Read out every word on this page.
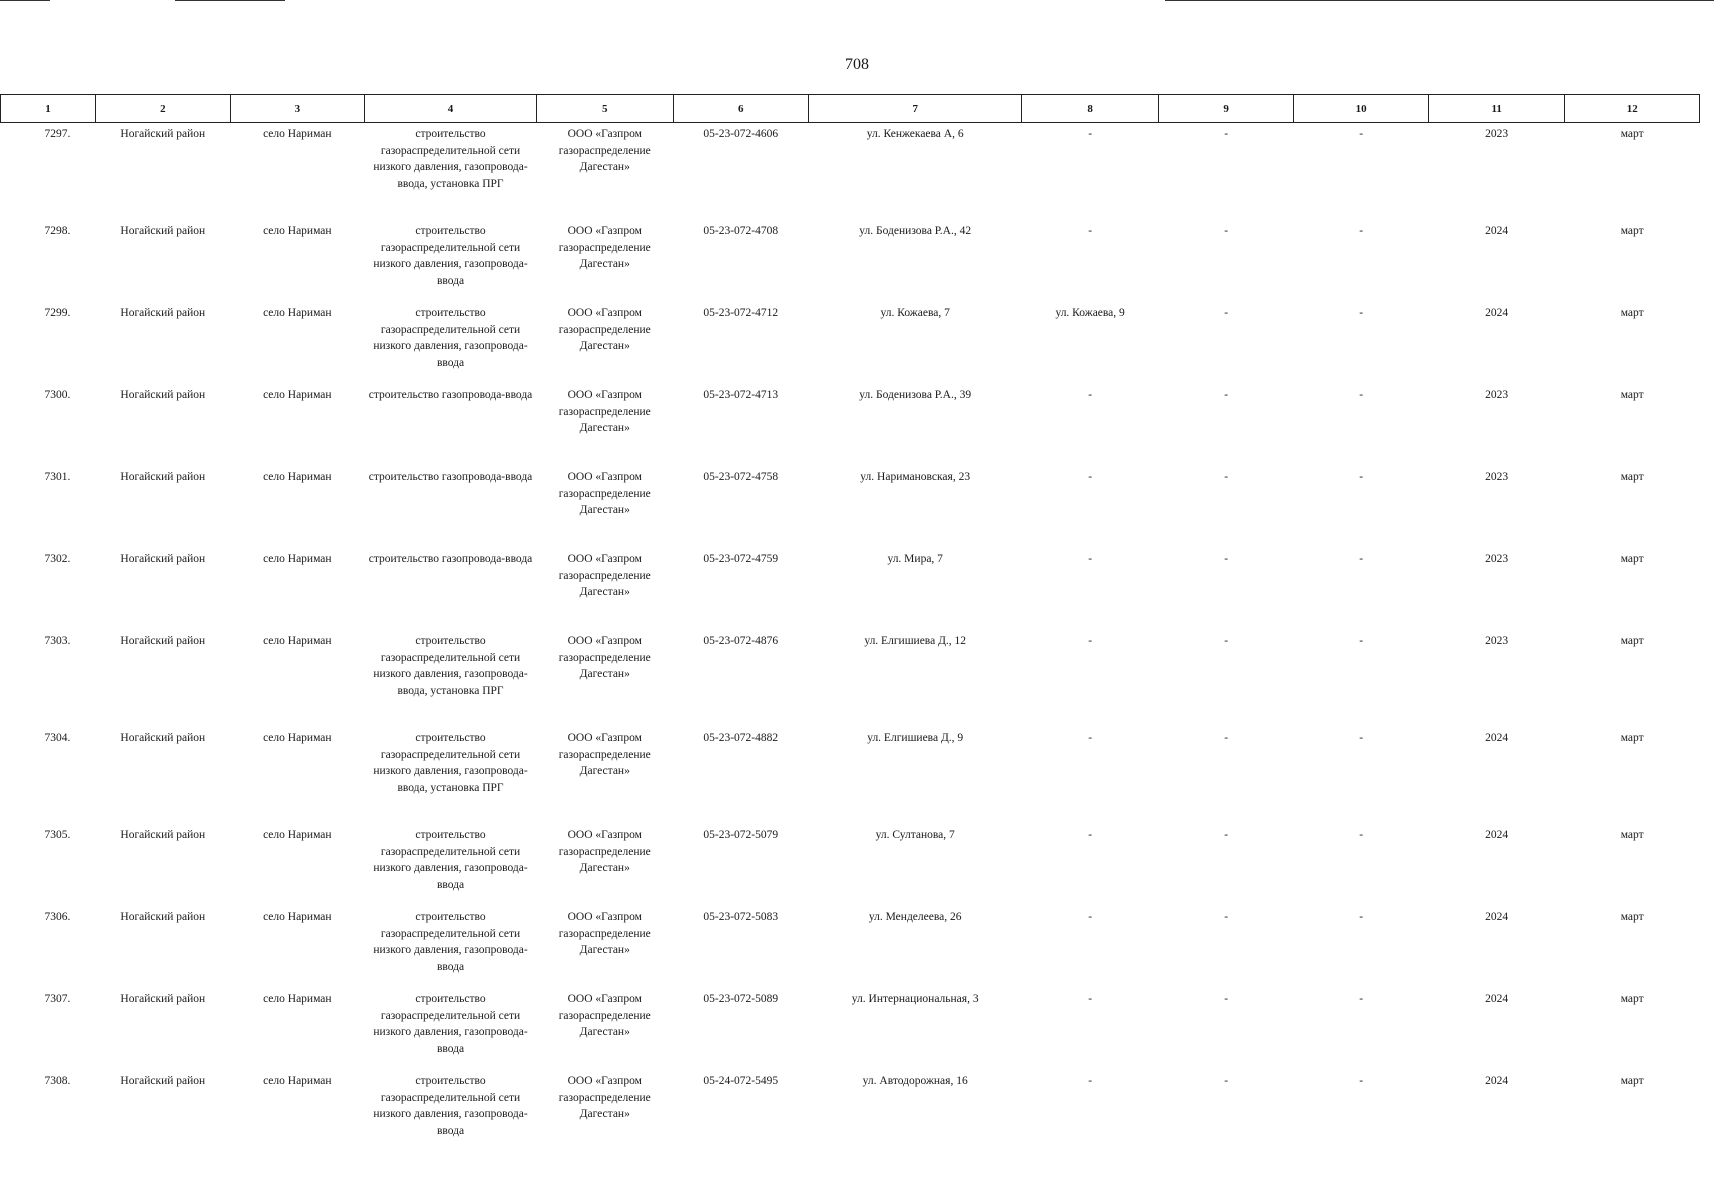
708
1	2	3	4	5	6	7	8	9	10	11	12
7297.	Ногайский район	село Нариман	строительство газораспределительной сети низкого давления, газопровода-ввода, установка ПРГ	ООО «Газпром газораспределение Дагестан»	05-23-072-4606	ул. Кенжекаева А, 6	-	-	-	2023	март
7298.	Ногайский район	село Нариман	строительство газораспределительной сети низкого давления, газопровода-ввода	ООО «Газпром газораспределение Дагестан»	05-23-072-4708	ул. Боденизова Р.А., 42	-	-	-	2024	март
7299.	Ногайский район	село Нариман	строительство газораспределительной сети низкого давления, газопровода-ввода	ООО «Газпром газораспределение Дагестан»	05-23-072-4712	ул. Кожаева, 7	ул. Кожаева, 9	-	-	2024	март
7300.	Ногайский район	село Нариман	строительство газопровода-ввода	ООО «Газпром газораспределение Дагестан»	05-23-072-4713	ул. Боденизова Р.А., 39	-	-	-	2023	март
7301.	Ногайский район	село Нариман	строительство газопровода-ввода	ООО «Газпром газораспределение Дагестан»	05-23-072-4758	ул. Наримановская, 23	-	-	-	2023	март
7302.	Ногайский район	село Нариман	строительство газопровода-ввода	ООО «Газпром газораспределение Дагестан»	05-23-072-4759	ул. Мира, 7	-	-	-	2023	март
7303.	Ногайский район	село Нариман	строительство газораспределительной сети низкого давления, газопровода-ввода, установка ПРГ	ООО «Газпром газораспределение Дагестан»	05-23-072-4876	ул. Елгишиева Д., 12	-	-	-	2023	март
7304.	Ногайский район	село Нариман	строительство газораспределительной сети низкого давления, газопровода-ввода, установка ПРГ	ООО «Газпром газораспределение Дагестан»	05-23-072-4882	ул. Елгишиева Д., 9	-	-	-	2024	март
7305.	Ногайский район	село Нариман	строительство газораспределительной сети низкого давления, газопровода-ввода	ООО «Газпром газораспределение Дагестан»	05-23-072-5079	ул. Султанова, 7	-	-	-	2024	март
7306.	Ногайский район	село Нариман	строительство газораспределительной сети низкого давления, газопровода-ввода	ООО «Газпром газораспределение Дагестан»	05-23-072-5083	ул. Менделеева, 26	-	-	-	2024	март
7307.	Ногайский район	село Нариман	строительство газораспределительной сети низкого давления, газопровода-ввода	ООО «Газпром газораспределение Дагестан»	05-23-072-5089	ул. Интернациональная, 3	-	-	-	2024	март
7308.	Ногайский район	село Нариман	строительство газораспределительной сети низкого давления, газопровода-ввода	ООО «Газпром газораспределение Дагестан»	05-24-072-5495	ул. Автодорожная, 16	-	-	-	2024	март
